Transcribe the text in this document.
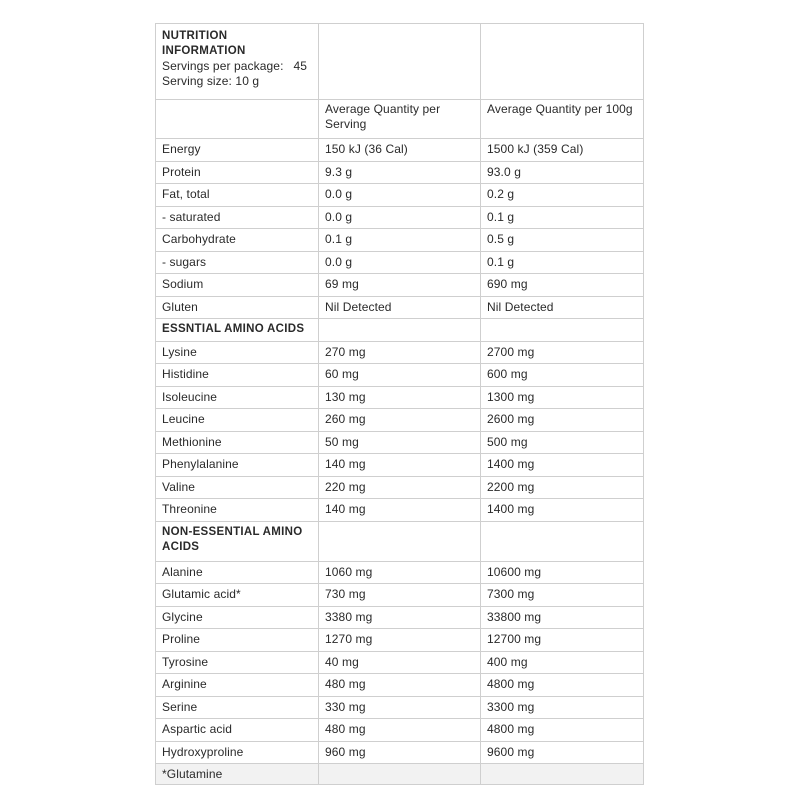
NUTRITION INFORMATION
Servings per package: 45
Serving size: 10 g		

	Average Quantity per Serving	Average Quantity per 100g
Energy	150 kJ (36 Cal)	1500 kJ (359 Cal)
Protein	9.3 g	93.0 g
Fat, total	0.0 g	0.2 g
- saturated	0.0 g	0.1 g
Carbohydrate	0.1 g	0.5 g
- sugars	0.0 g	0.1 g
Sodium	69 mg	690 mg
Gluten	Nil Detected	Nil Detected
ESSNTIAL AMINO ACIDS		
Lysine	270 mg	2700 mg
Histidine	60 mg	600 mg
Isoleucine	130 mg	1300 mg
Leucine	260 mg	2600 mg
Methionine	50 mg	500 mg
Phenylalanine	140 mg	1400 mg
Valine	220 mg	2200 mg
Threonine	140 mg	1400 mg
NON-ESSENTIAL AMINO ACIDS		
Alanine	1060 mg	10600 mg
Glutamic acid*	730 mg	7300 mg
Glycine	3380 mg	33800 mg
Proline	1270 mg	12700 mg
Tyrosine	40 mg	400 mg
Arginine	480 mg	4800 mg
Serine	330 mg	3300 mg
Aspartic acid	480 mg	4800 mg
Hydroxyproline	960 mg	9600 mg
*Glutamine		
